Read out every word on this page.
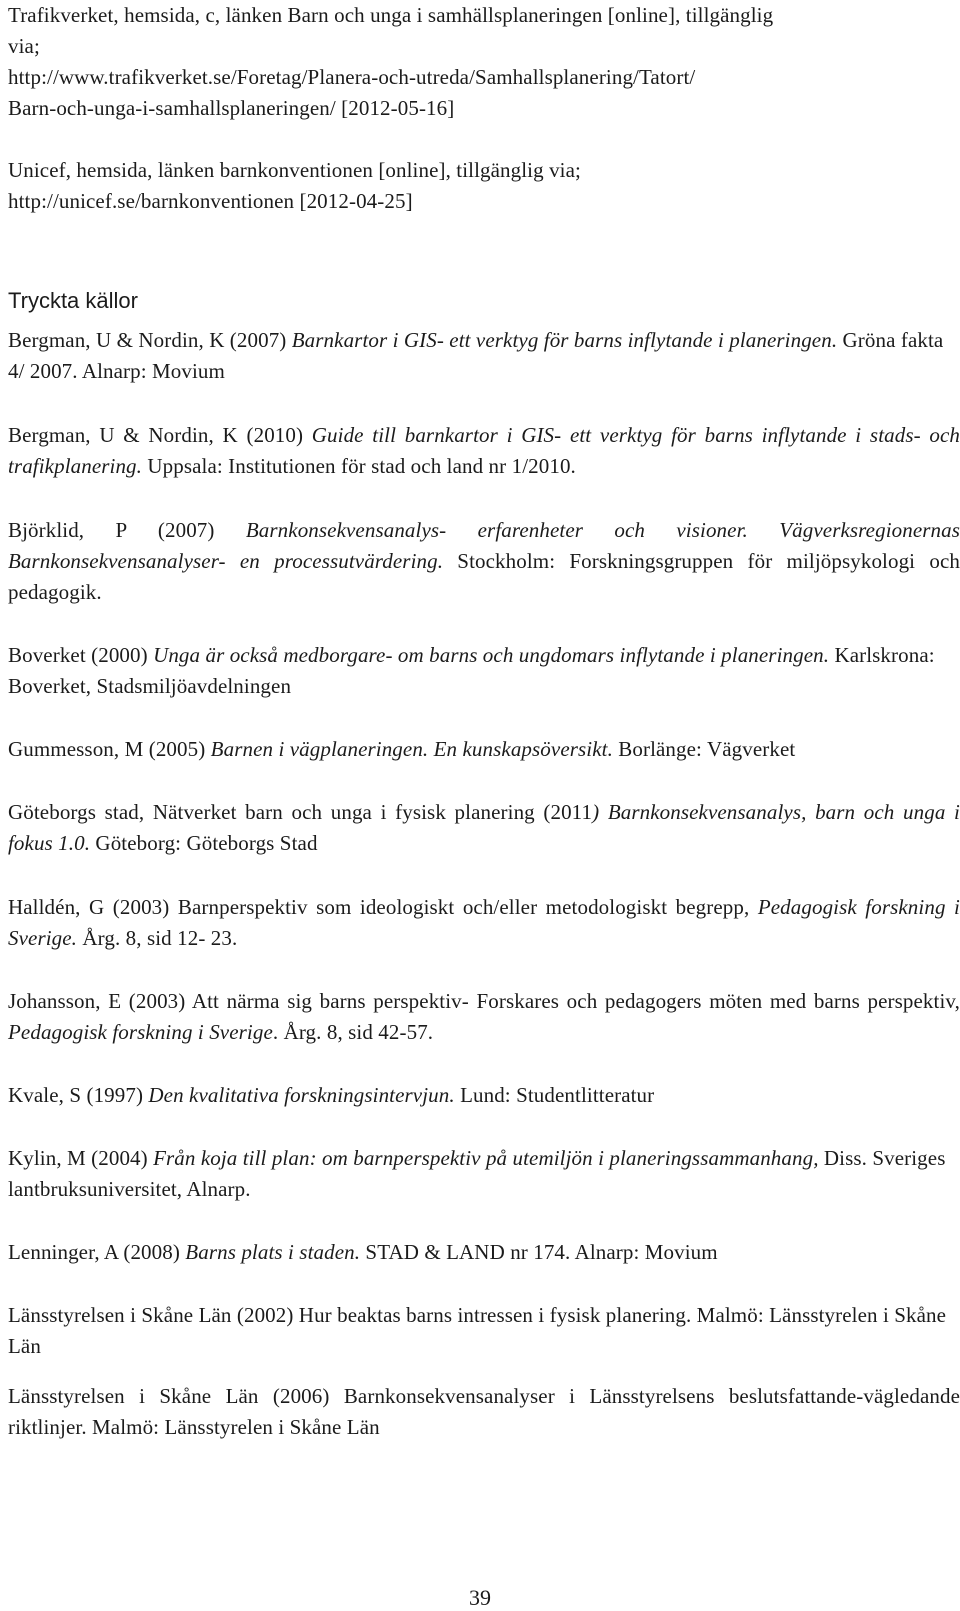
Trafikverket, hemsida, c, länken Barn och unga i samhällsplaneringen [online], tillgänglig
via;
http://www.trafikverket.se/Foretag/Planera-och-utreda/Samhallsplanering/Tatort/
Barn-och-unga-i-samhallsplaneringen/ [2012-05-16]
Unicef, hemsida, länken barnkonventionen [online], tillgänglig via;
http://unicef.se/barnkonventionen [2012-04-25]
Tryckta källor

Bergman, U & Nordin, K (2007) Barnkartor i GIS- ett verktyg för barns inflytande i planeringen. Gröna fakta 4/ 2007. Alnarp: Movium

Bergman, U & Nordin, K (2010) Guide till barnkartor i GIS- ett verktyg för barns inflytande i stads- och trafikplanering. Uppsala: Institutionen för stad och land nr 1/2010.

Björklid, P (2007) Barnkonsekvensanalys- erfarenheter och visioner. Vägverksregionernas Barnkonsekvensanalyser- en processutvärdering. Stockholm: Forskningsgruppen för miljöpsykologi och pedagogik.

Boverket (2000) Unga är också medborgare- om barns och ungdomars inflytande i planeringen. Karlskrona: Boverket, Stadsmiljöavdelningen

Gummesson, M (2005) Barnen i vägplaneringen. En kunskapsöversikt. Borlänge: Vägverket

Göteborgs stad, Nätverket barn och unga i fysisk planering (2011) Barnkonsekvensanalys, barn och unga i fokus 1.0. Göteborg: Göteborgs Stad

Halldén, G (2003) Barnperspektiv som ideologiskt och/eller metodologiskt begrepp, Pedagogisk forskning i Sverige. Årg. 8, sid 12- 23.

Johansson, E (2003) Att närma sig barns perspektiv- Forskares och pedagogers möten med barns perspektiv, Pedagogisk forskning i Sverige. Årg. 8, sid 42-57.

Kvale, S (1997) Den kvalitativa forskningsintervjun. Lund: Studentlitteratur

Kylin, M (2004) Från koja till plan: om barnperspektiv på utemiljön i planeringssammanhang, Diss. Sveriges lantbruksuniversitet, Alnarp.

Lenninger, A (2008) Barns plats i staden. STAD & LAND nr 174. Alnarp: Movium

Länsstyrelsen i Skåne Län (2002) Hur beaktas barns intressen i fysisk planering. Malmö: Länsstyrelen i Skåne Län

Länsstyrelsen i Skåne Län (2006) Barnkonsekvensanalyser i Länsstyrelsens beslutsfattande-vägledande riktlinjer. Malmö: Länsstyrelen i Skåne Län

39
